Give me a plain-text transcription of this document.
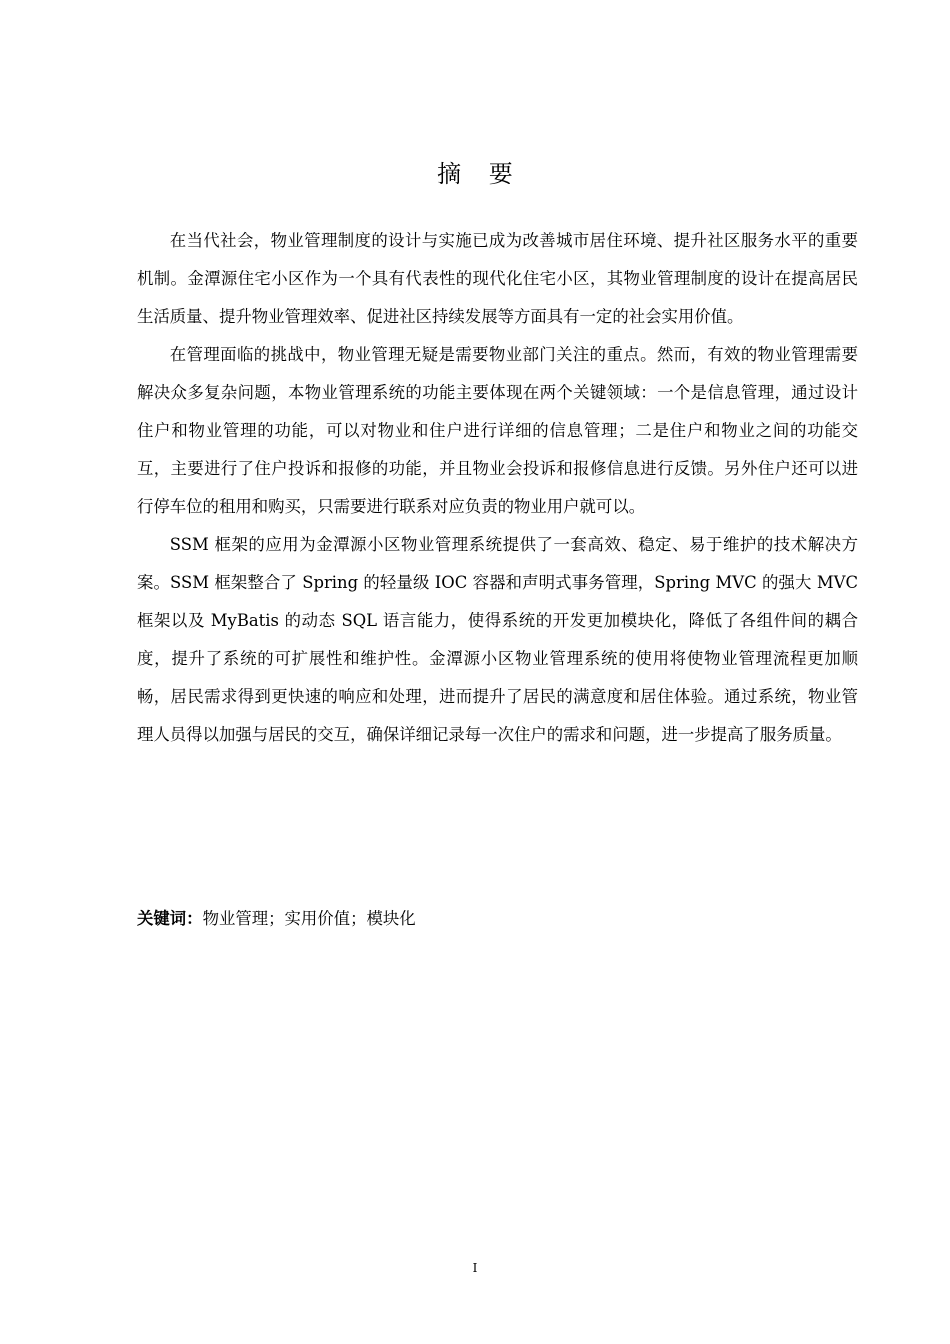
摘 要

在当代社会，物业管理制度的设计与实施已成为改善城市居住环境、提升社区服务水平的重要机制。金潭源住宅小区作为一个具有代表性的现代化住宅小区，其物业管理制度的设计在提高居民生活质量、提升物业管理效率、促进社区持续发展等方面具有一定的社会实用价值。

在管理面临的挑战中，物业管理无疑是需要物业部门关注的重点。然而，有效的物业管理需要解决众多复杂问题，本物业管理系统的功能主要体现在两个关键领域：一个是信息管理，通过设计住户和物业管理的功能，可以对物业和住户进行详细的信息管理；二是住户和物业之间的功能交互，主要进行了住户投诉和报修的功能，并且物业会投诉和报修信息进行反馈。另外住户还可以进行停车位的租用和购买，只需要进行联系对应负责的物业用户就可以。

SSM 框架的应用为金潭源小区物业管理系统提供了一套高效、稳定、易于维护的技术解决方案。SSM 框架整合了 Spring 的轻量级 IOC 容器和声明式事务管理，Spring MVC 的强大 MVC 框架以及 MyBatis 的动态 SQL 语言能力，使得系统的开发更加模块化，降低了各组件间的耦合度，提升了系统的可扩展性和维护性。金潭源小区物业管理系统的使用将使物业管理流程更加顺畅，居民需求得到更快速的响应和处理，进而提升了居民的满意度和居住体验。通过系统，物业管理人员得以加强与居民的交互，确保详细记录每一次住户的需求和问题，进一步提高了服务质量。

关键词：物业管理；实用价值；模块化
I
